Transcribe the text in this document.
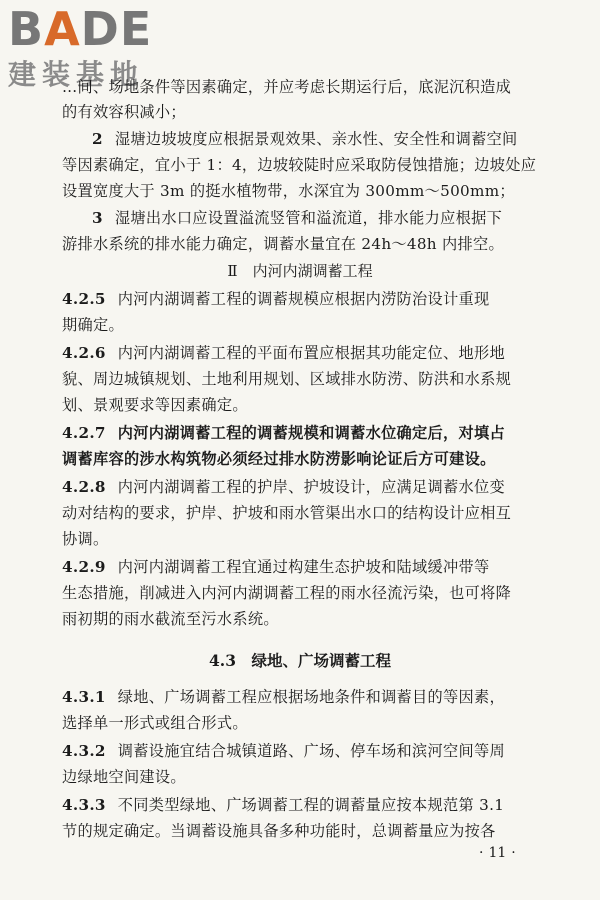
BADE
建装基地
…间、场地条件等因素确定，并应考虑长期运行后，底泥沉积造成
的有效容积减小；
2 湿塘边坡坡度应根据景观效果、亲水性、安全性和调蓄空间
等因素确定，宜小于 1：4，边坡较陡时应采取防侵蚀措施；边坡处应
设置宽度大于 3m 的挺水植物带，水深宜为 300mm～500mm；
3 湿塘出水口应设置溢流竖管和溢流道，排水能力应根据下
游排水系统的排水能力确定，调蓄水量宜在 24h～48h 内排空。
Ⅱ　内河内湖调蓄工程
4.2.5 内河内湖调蓄工程的调蓄规模应根据内涝防治设计重现
期确定。
4.2.6 内河内湖调蓄工程的平面布置应根据其功能定位、地形地
貌、周边城镇规划、土地利用规划、区域排水防涝、防洪和水系规
划、景观要求等因素确定。
4.2.7 内河内湖调蓄工程的调蓄规模和调蓄水位确定后，对填占
调蓄库容的涉水构筑物必须经过排水防涝影响论证后方可建设。
4.2.8 内河内湖调蓄工程的护岸、护坡设计，应满足调蓄水位变
动对结构的要求，护岸、护坡和雨水管渠出水口的结构设计应相互
协调。
4.2.9 内河内湖调蓄工程宜通过构建生态护坡和陆域缓冲带等
生态措施，削减进入内河内湖调蓄工程的雨水径流污染，也可将降
雨初期的雨水截流至污水系统。
4.3　绿地、广场调蓄工程
4.3.1 绿地、广场调蓄工程应根据场地条件和调蓄目的等因素，
选择单一形式或组合形式。
4.3.2 调蓄设施宜结合城镇道路、广场、停车场和滨河空间等周
边绿地空间建设。
4.3.3 不同类型绿地、广场调蓄工程的调蓄量应按本规范第 3.1
节的规定确定。当调蓄设施具备多种功能时，总调蓄量应为按各
· 11 ·
